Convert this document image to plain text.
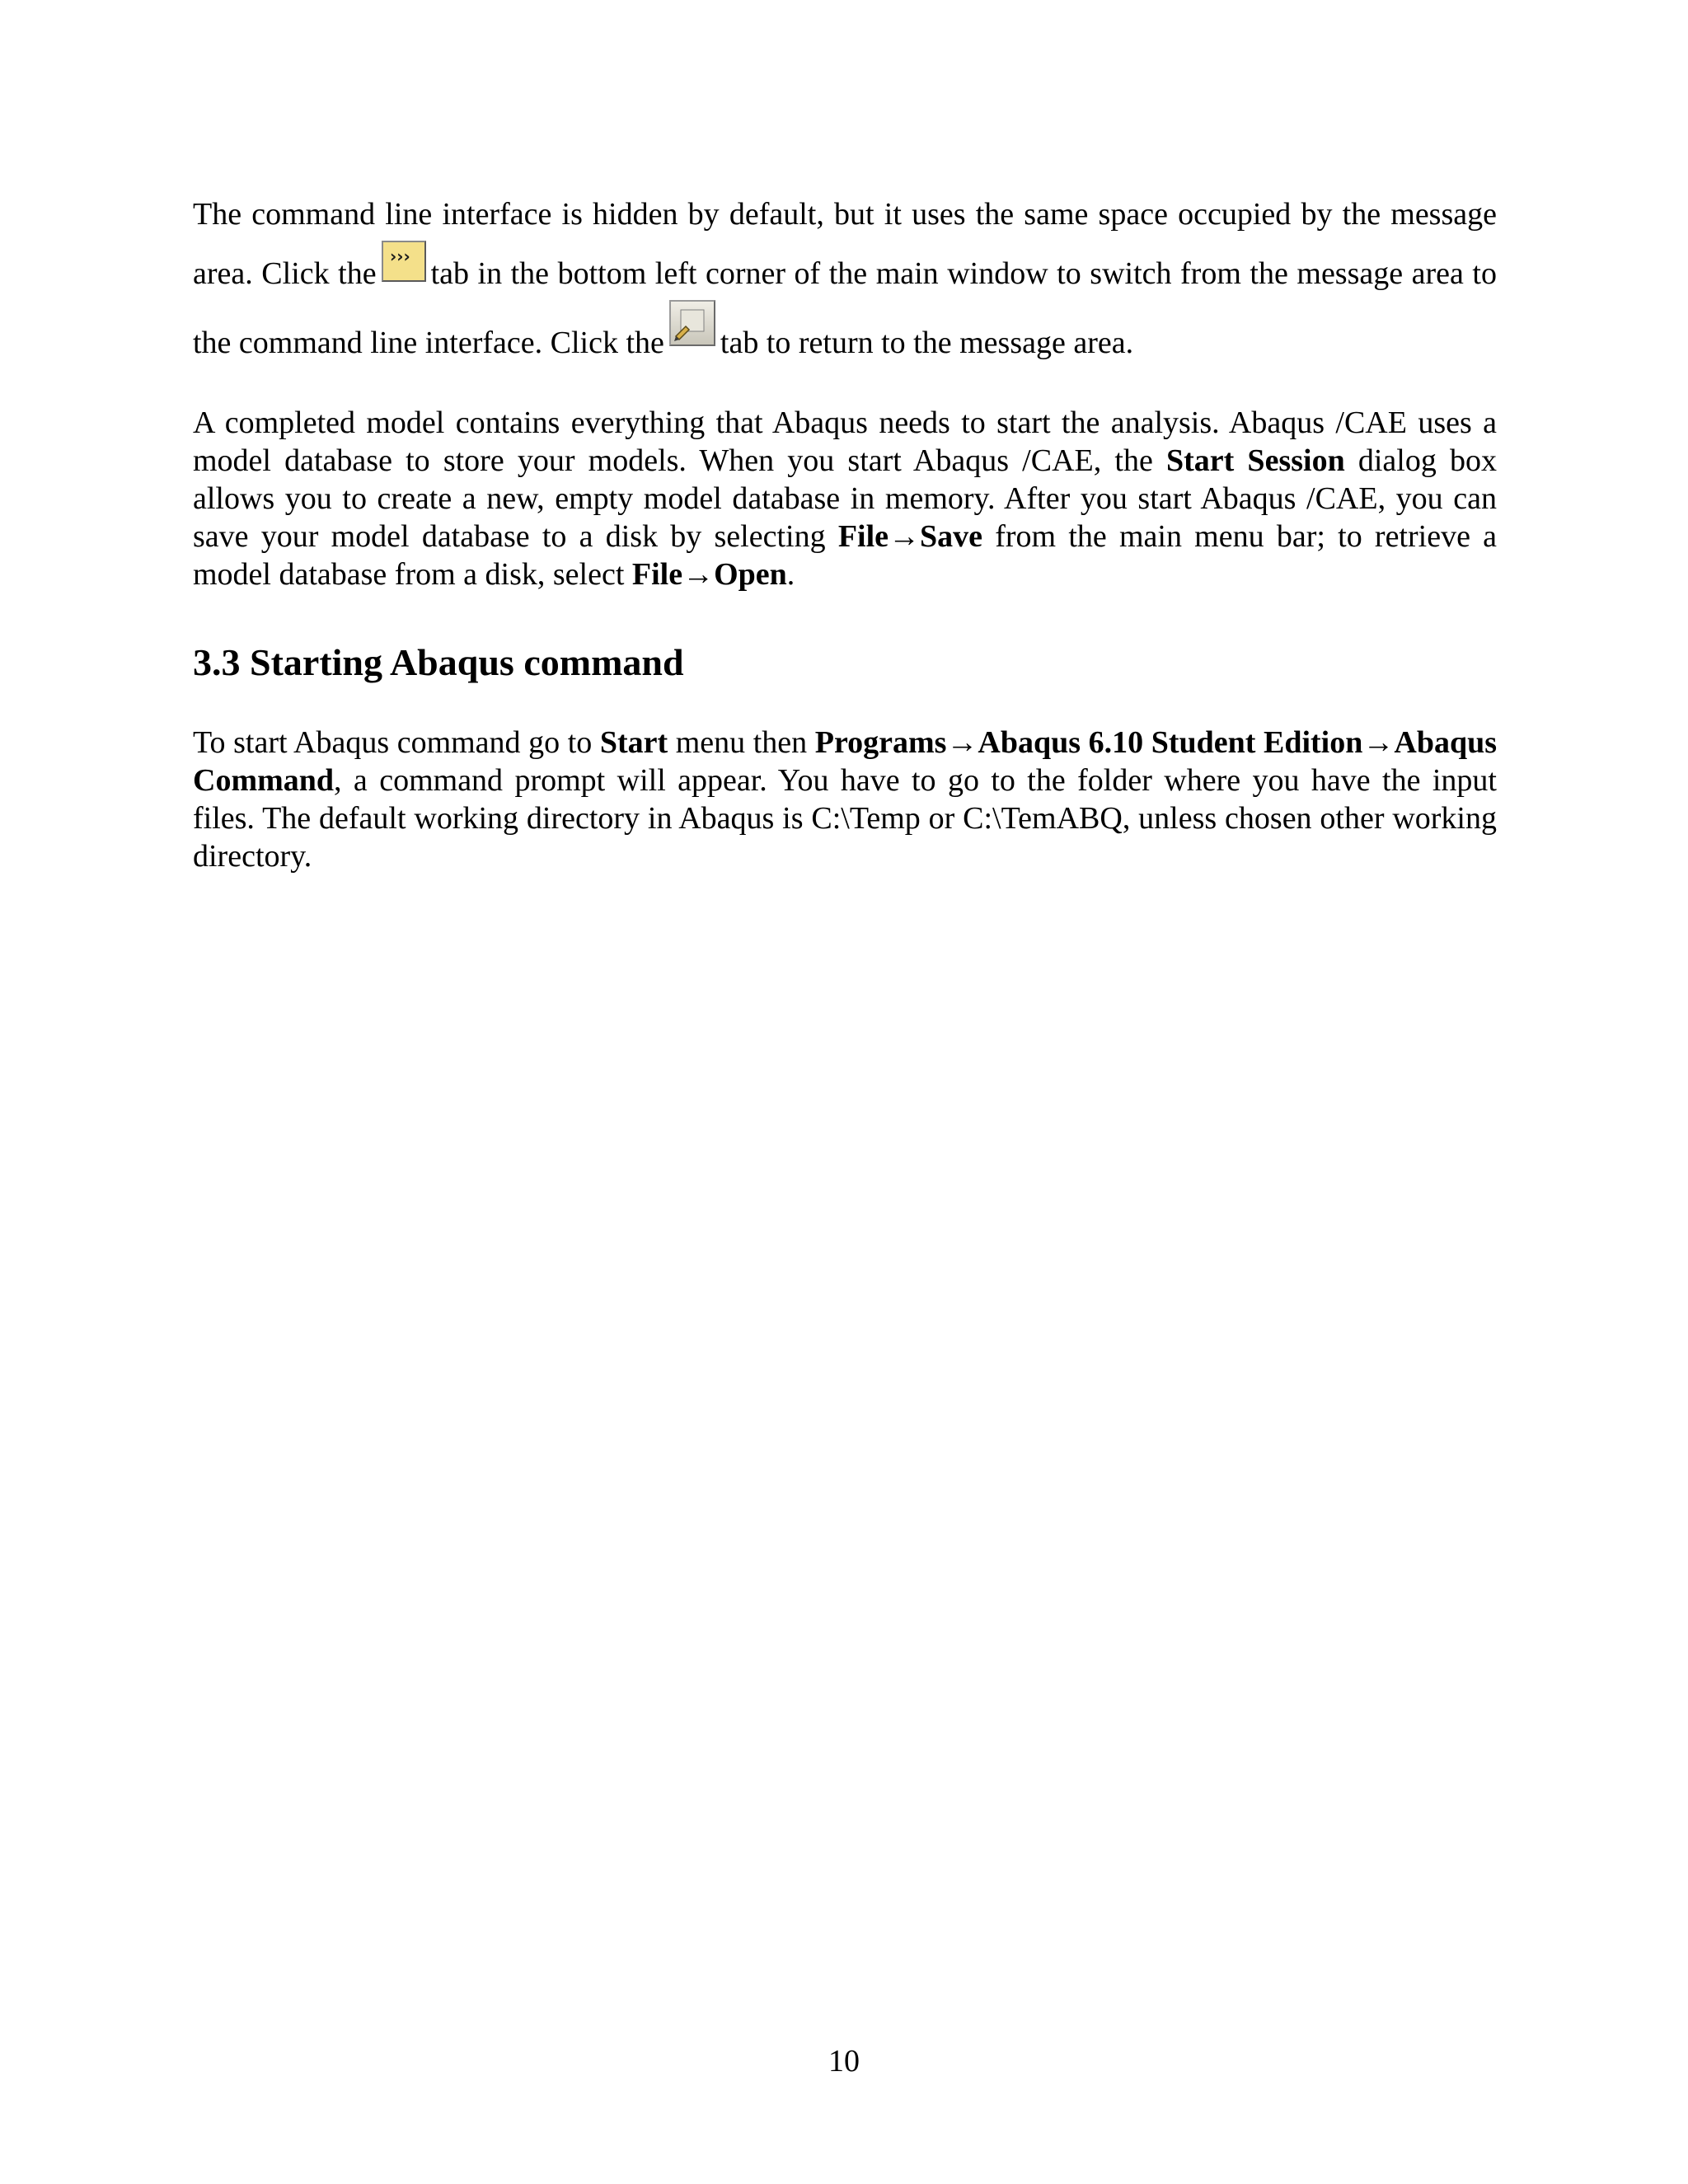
The command line interface is hidden by default, but it uses the same space occupied by the message area. Click the ››› tab in the bottom left corner of the main window to switch from the message area to the command line interface. Click the tab to return to the message area.

A completed model contains everything that Abaqus needs to start the analysis. Abaqus /CAE uses a model database to store your models. When you start Abaqus /CAE, the Start Session dialog box allows you to create a new, empty model database in memory. After you start Abaqus /CAE, you can save your model database to a disk by selecting File→Save from the main menu bar; to retrieve a model database from a disk, select File→Open.

3.3 Starting Abaqus command

To start Abaqus command go to Start menu then Programs→Abaqus 6.10 Student Edition→Abaqus Command, a command prompt will appear. You have to go to the folder where you have the input files. The default working directory in Abaqus is C:\Temp or C:\TemABQ, unless chosen other working directory.

10
